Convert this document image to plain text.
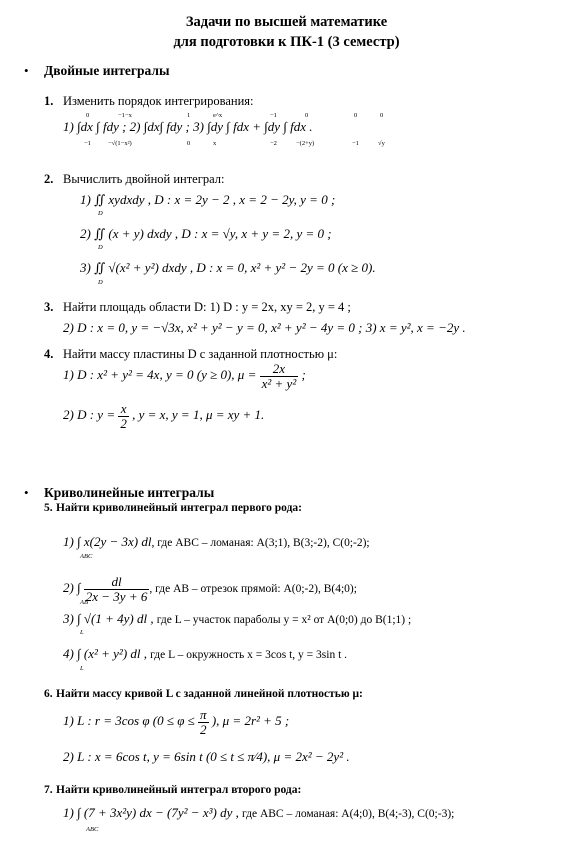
Задачи по высшей математике
для подготовки к ПК-1 (3 семестр)
• Двойные интегралы
1. Изменить порядок интегрирования:
1) ∫dx ∫ fdy ; 2) ∫dx∫ fdy ; 3) ∫dy ∫ fdx + ∫dy ∫ fdx .
0
−1
−1−x
−√(1−x²)
1
0
e^x
x
−1
−2
0
−(2+y)
0
−1
0
√y
2. Вычислить двойной интеграл:
1) ∬ xydxdy , D : x = 2y − 2 , x = 2 − 2y, y = 0 ;
D
2) ∬ (x + y) dxdy , D : x = √y, x + y = 2, y = 0 ;
D
3) ∬ √(x² + y²) dxdy , D : x = 0, x² + y² − 2y = 0 (x ≥ 0).
D
3. Найти площадь области D: 1) D : y = 2x, xy = 2, y = 4 ;
2) D : x = 0, y = −√3x, x² + y² − y = 0, x² + y² − 4y = 0 ; 3) x = y², x = −2y .
4. Найти массу пластины D с заданной плотностью μ:
1) D : x² + y² = 4x, y = 0 (y ≥ 0), $\mu = \frac{2x}{\text{x² + y²}}$ ;
2) D : $y = \frac{x}{2}$ , y = x, y = 1, μ = xy + 1.
• Криволинейные интегралы
5. Найти криволинейный интеграл первого рода:
1) ∫ x(2y − 3x) dl, где ABC – ломаная: A(3;1), B(3;-2), C(0;-2);
ABC
2) ∫ $\frac{dl}{2x - 3y + 6}$ , где AB – отрезок прямой: A(0;-2), B(4;0);
AB
3) ∫ √(1 + 4y) dl , где L – участок параболы y = x² от A(0;0) до B(1;1) ;
L
4) ∫ (x² + y²) dl , где L – окружность x = 3cos t, y = 3sin t .
L
6. Найти массу кривой L с заданной линейной плотностью μ:
1) L : r = 3cos φ ($0 \le \varphi \le \frac{\pi}{2}$ ), μ = 2r² + 5 ;
2) L : x = 6cos t, y = 6sin t (0 ≤ t ≤ π⁄4), μ = 2x² − 2y² .
7. Найти криволинейный интеграл второго рода:
1) ∫ (7 + 3x²y) dx − (7y² − x³) dy , где ABC – ломаная: A(4;0), B(4;-3), C(0;-3);
ABC
